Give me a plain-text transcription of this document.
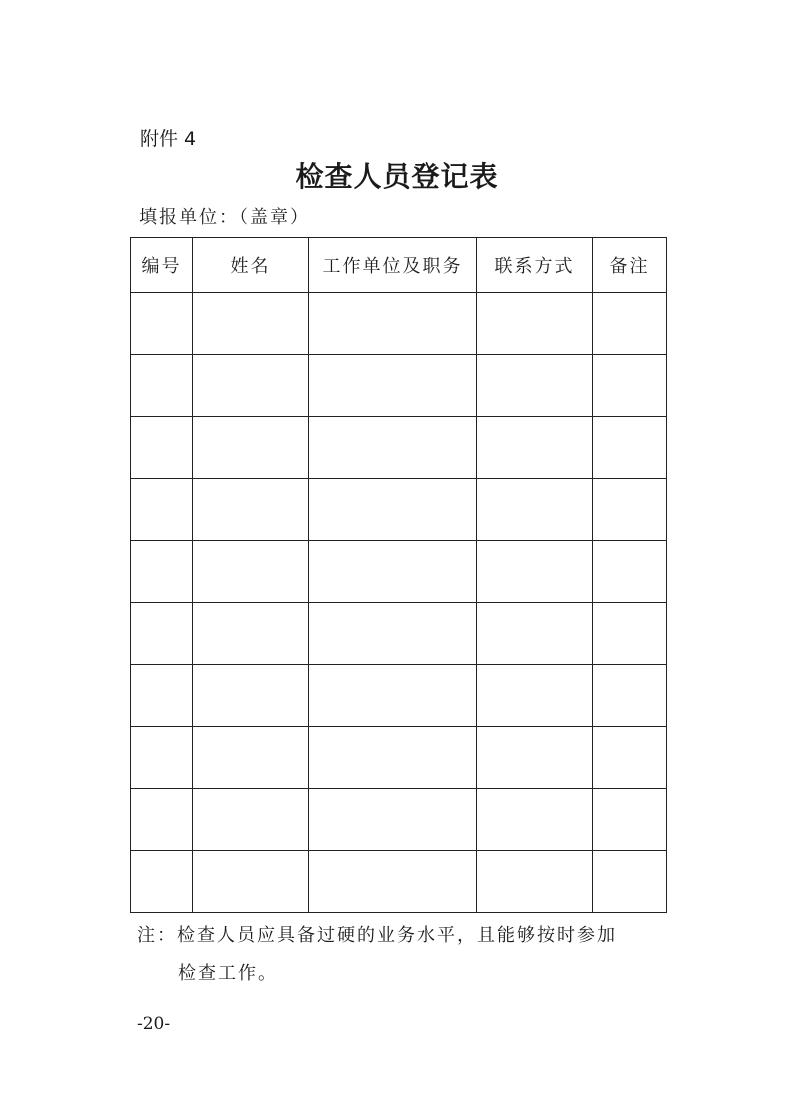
附件 4
检查人员登记表
填报单位：（盖章）
编号	姓名	工作单位及职务	联系方式	备注

注：检查人员应具备过硬的业务水平，且能够按时参加
检查工作。
-20-
